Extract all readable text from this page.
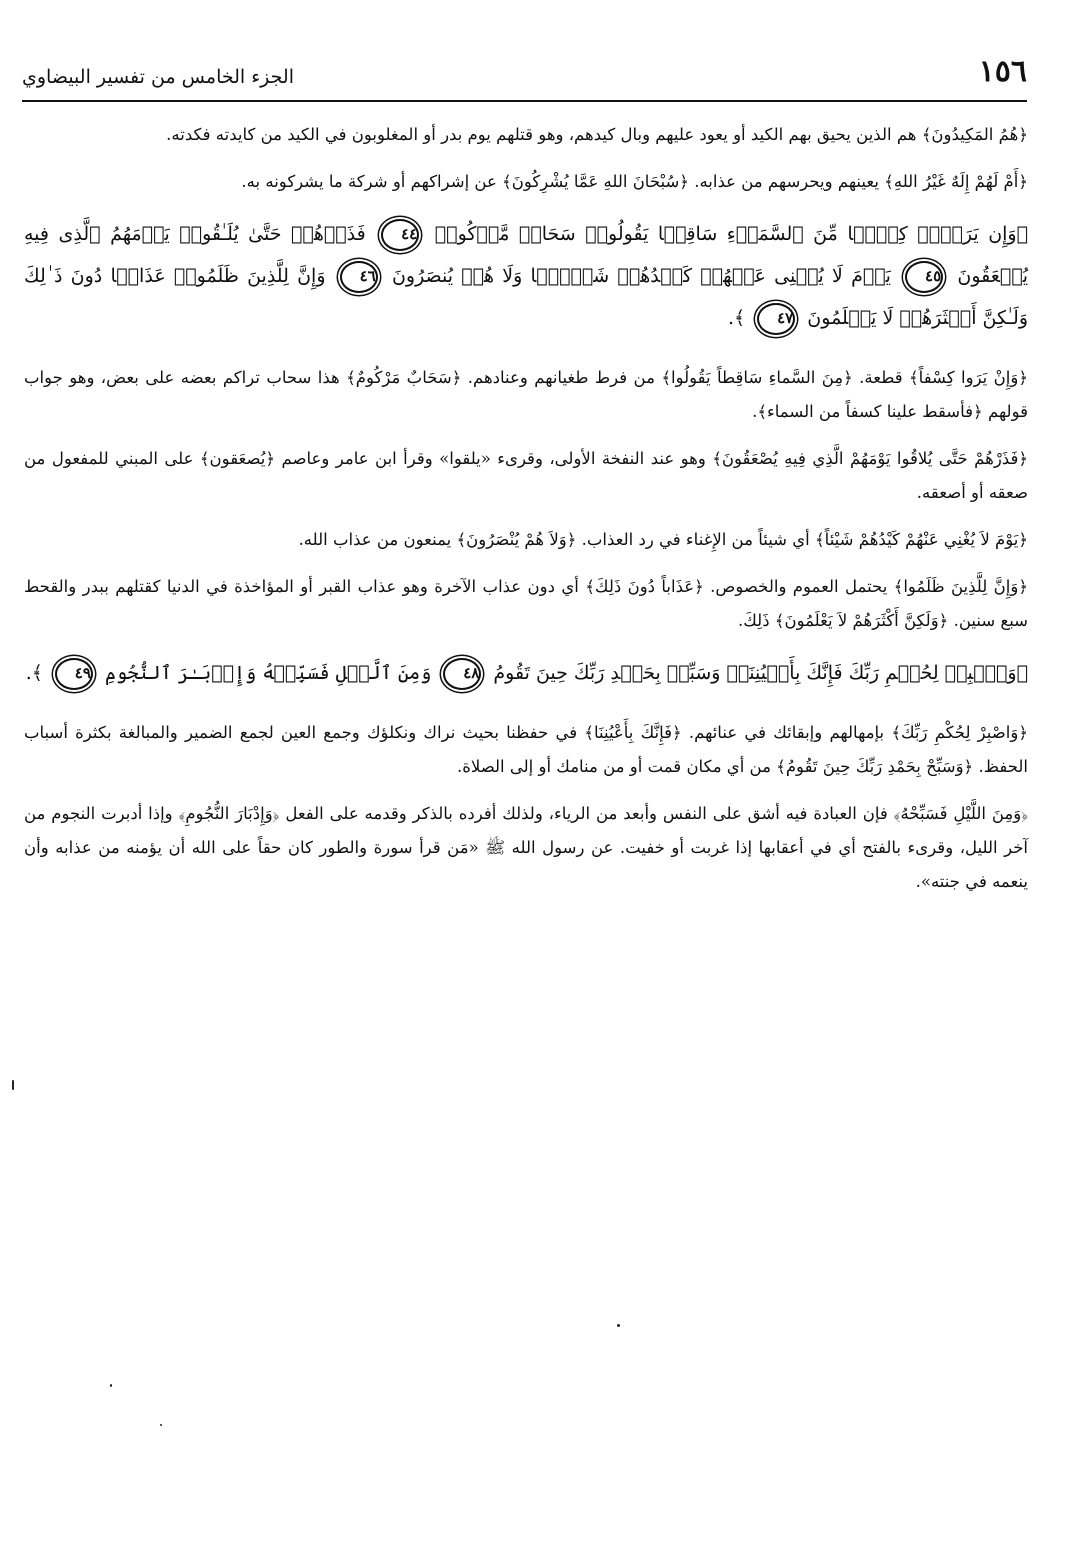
١٥٦
الجزء الخامس من تفسير البيضاوي

﴿هُمُ المَكِيدُونَ﴾ هم الذين يحيق بهم الكيد أو يعود عليهم وبال كيدهم، وهو قتلهم يوم بدر أو المغلوبون في الكيد من كايدته فكدته.

﴿أَمْ لَهُمْ إِلَهٌ غَيْرُ اللهِ﴾ يعينهم ويحرسهم من عذابه. ﴿سُبْحَانَ اللهِ عَمَّا يُشْرِكُونَ﴾ عن إشراكهم أو شركة ما يشركونه به.

﴿وَإِن يَرَوۡا۟ كِسۡفࣰا مِّنَ ٱلسَّمَاۤءِ سَاقِطࣰا يَقُولُوا۟ سَحَابࣱ مَّرۡكُومࣱ ٤٤ فَذَرۡهُمۡ حَتَّىٰ يُلَـٰقُوا۟ يَوۡمَهُمُ ٱلَّذِی فِیهِ يُصۡعَقُونَ ٤٥ يَوۡمَ لَا يُغۡنِی عَنۡهُمۡ كَيۡدُهُمۡ شَيۡـࣰٔا وَلَا هُمۡ يُنصَرُونَ ٤٦ وَإِنَّ لِلَّذِينَ ظَلَمُوا۟ عَذَابࣰا دُونَ ذَ ٰ⁠لِكَ وَلَـٰكِنَّ أَكۡثَرَهُمۡ لَا يَعۡلَمُونَ ٤٧ ﴾.

﴿وَإِنْ يَرَوا كِسْفاً﴾ قطعة. ﴿مِنَ السَّماءِ سَاقِطاً يَقُولُوا﴾ من فرط طغيانهم وعنادهم. ﴿سَحَابٌ مَرْكُومٌ﴾ هذا سحاب تراكم بعضه على بعض، وهو جواب قولهم ﴿فأسقط علينا كسفاً من السماء﴾.

﴿فَذَرْهُمْ حَتَّى يُلاقُوا يَوْمَهُمْ الَّذِي فِيهِ يُصْعَقُونَ﴾ وهو عند النفخة الأولى، وقرىء «يلقوا» وقرأ ابن عامر وعاصم ﴿يُصعَقون﴾ على المبني للمفعول من صعقه أو أصعقه.

﴿يَوْمَ لاَ يُغْنِي عَنْهُمْ كَيْدُهُمْ شَيْئاً﴾ أي شيئاً من الإِغناء في رد العذاب. ﴿وَلاَ هُمْ يُنْصَرُونَ﴾ يمنعون من عذاب الله.

﴿وَإِنَّ لِلَّذِينَ ظَلَمُوا﴾ يحتمل العموم والخصوص. ﴿عَذَاباً دُونَ ذَلِكَ﴾ أي دون عذاب الآخرة وهو عذاب القبر أو المؤاخذة في الدنيا كقتلهم ببدر والقحط سبع سنين. ﴿وَلَكِنَّ أَكْثَرَهُمْ لاَ يَعْلَمُونَ﴾ ذَلِكَ.

﴿وَٱصۡبِرۡ لِحُكۡمِ رَبِّكَ فَإِنَّكَ بِأَعۡيُنِنَاۖ وَسَبِّحۡ بِحَمۡدِ رَبِّكَ حِينَ تَقُومُ ٤٨ وَمِنَ ٱلَّيۡلِ فَسَبِّحۡهُ وَإِدۡبَـٰرَ ٱلنُّجُومِ ٤٩ ﴾.

﴿وَاصْبِرْ لِحُكْمِ رَبِّكَ﴾ بإمهالهم وإبقائك في عنائهم. ﴿فَإِنَّكَ بِأَعْيُنِنَا﴾ في حفظنا بحيث نراك ونكلؤك وجمع العين لجمع الضمير والمبالغة بكثرة أسباب الحفظ. ﴿وَسَبِّحْ بِحَمْدِ رَبِّكَ حِينَ تَقُومُ﴾ من أي مكان قمت أو من منامك أو إلى الصلاة.

﴿وَمِنَ اللَّيْلِ فَسَبِّحْهُ﴾ فإن العبادة فيه أشق على النفس وأبعد من الرياء، ولذلك أفرده بالذكر وقدمه على الفعل ﴿وَإِدْبَارَ النُّجُومِ﴾ وإذا أدبرت النجوم من آخر الليل، وقرىء بالفتح أي في أعقابها إذا غربت أو خفيت. عن رسول الله ﷺ «مَن قرأ سورة والطور كان حقاً على الله أن يؤمنه من عذابه وأن ينعمه في جنته».
